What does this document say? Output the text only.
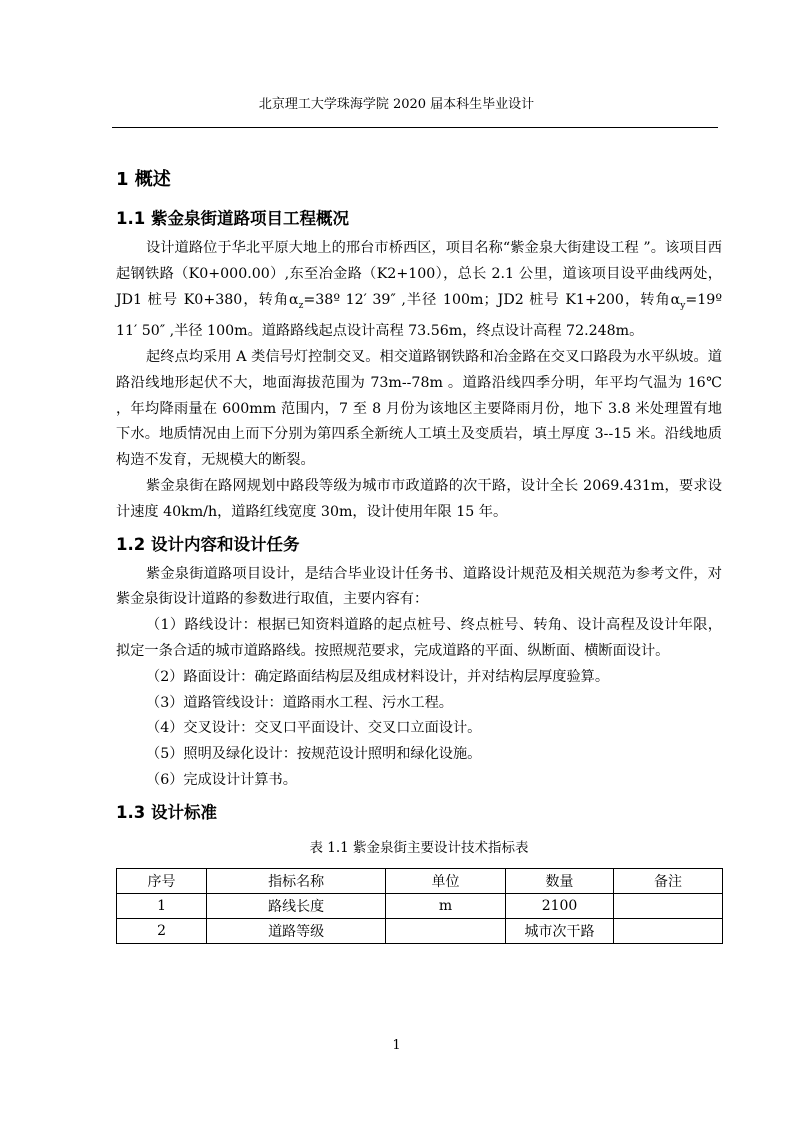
北京理工大学珠海学院 2020 届本科生毕业设计
1 概述
1.1 紫金泉街道路项目工程概况

设计道路位于华北平原大地上的邢台市桥西区，项目名称“紫金泉大街建设工程 ”。该项目西起钢铁路（K0+000.00）,东至冶金路（K2+100），总长 2.1 公里，道该项目设平曲线两处，JD1 桩号 K0+380，转角$\alpha_z=38º$ 12′ 39″ ,半径 100m；JD2 桩号 K1+200，转角$\alpha_y=19º$ 11′ 50″ ,半径 100m。道路路线起点设计高程 73.56m，终点设计高程 72.248m。

起终点均采用 A 类信号灯控制交叉。相交道路钢铁路和冶金路在交叉口路段为水平纵坡。道路沿线地形起伏不大，地面海拔范围为 73m--78m 。道路沿线四季分明，年平均气温为 16℃ ，年均降雨量在 600mm 范围内，7 至 8 月份为该地区主要降雨月份，地下 3.8 米处理置有地下水。地质情况由上而下分别为第四系全新统人工填土及变质岩，填土厚度 3--15 米。沿线地质构造不发育，无规模大的断裂。

紫金泉街在路网规划中路段等级为城市市政道路的次干路，设计全长 2069.431m，要求设计速度 40km/h，道路红线宽度 30m，设计使用年限 15 年。

1.2 设计内容和设计任务

紫金泉街道路项目设计，是结合毕业设计任务书、道路设计规范及相关规范为参考文件，对紫金泉街设计道路的参数进行取值，主要内容有：

（1）路线设计：根据已知资料道路的起点桩号、终点桩号、转角、设计高程及设计年限，拟定一条合适的城市道路路线。按照规范要求，完成道路的平面、纵断面、横断面设计。

（2）路面设计：确定路面结构层及组成材料设计，并对结构层厚度验算。

（3）道路管线设计：道路雨水工程、污水工程。

（4）交叉设计：交叉口平面设计、交叉口立面设计。

（5）照明及绿化设计：按规范设计照明和绿化设施。

（6）完成设计计算书。

1.3 设计标准
表 1.1 紫金泉街主要设计技术指标表
序号	指标名称	单位	数量	备注
1	路线长度	m	2100	
2	道路等级		城市次干路	
1
